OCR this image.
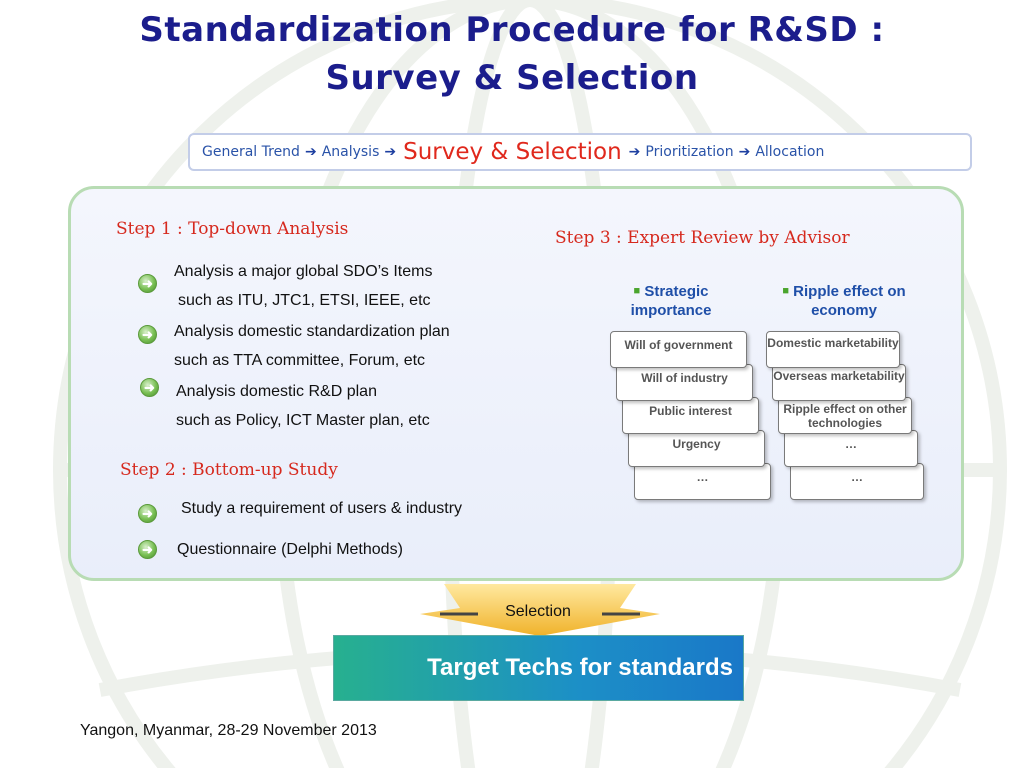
Standardization Procedure for R&SD :
Survey & Selection
General Trend ➔ Analysis ➔ Survey & Selection ➔ Prioritization ➔ Allocation
Step 1 : Top-down Analysis
➜
Analysis a major global SDO’s Items
such as ITU, JTC1, ETSI, IEEE, etc
➜ Analysis domestic standardization plan
such as TTA committee, Forum, etc
➜ Analysis domestic R&D plan
such as Policy, ICT Master plan, etc
Step 2 : Bottom-up Study
➜ Study a requirement of users & industry
➜ Questionnaire (Delphi Methods)
Step 3 : Expert Review by Advisor
■ Strategic
importance
■ Ripple effect on
economy
…
Urgency
Public interest
Will of industry
Will of government
…
…
Ripple effect on other technologies
Overseas marketability
Domestic marketability
Selection
Target Techs for standards
Yangon, Myanmar, 28-29 November 2013
